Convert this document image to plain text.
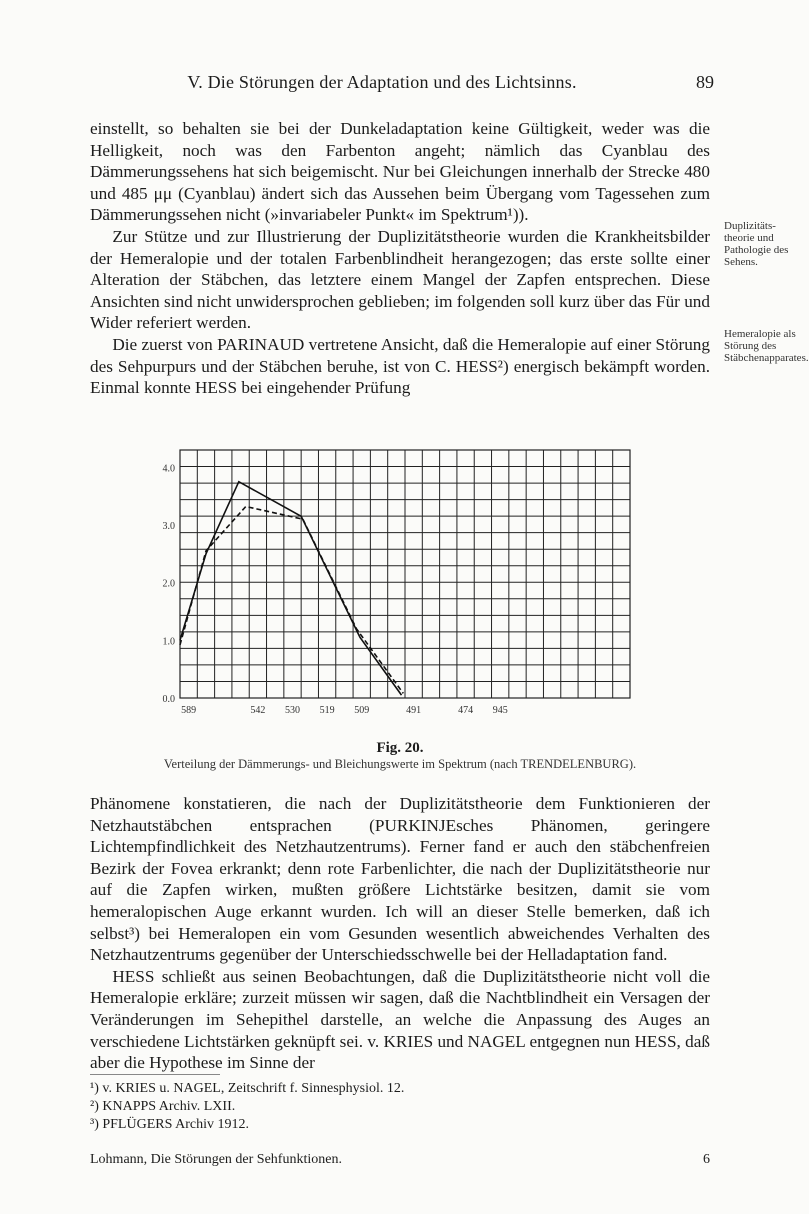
V. Die Störungen der Adaptation und des Lichtsinns.	89

einstellt, so behalten sie bei der Dunkeladaptation keine Gültigkeit, weder was die Helligkeit, noch was den Farbenton angeht; nämlich das Cyanblau des Dämmerungssehens hat sich beigemischt. Nur bei Gleichungen innerhalb der Strecke 480 und 485 μμ (Cyanblau) ändert sich das Aussehen beim Übergang vom Tagessehen zum Dämmerungssehen nicht (»invariabeler Punkt« im Spektrum¹)).

Zur Stütze und zur Illustrierung der Duplizitätstheorie wurden die Krankheitsbilder der Hemeralopie und der totalen Farbenblindheit herangezogen; das erste sollte einer Alteration der Stäbchen, das letztere einem Mangel der Zapfen entsprechen. Diese Ansichten sind nicht unwidersprochen geblieben; im folgenden soll kurz über das Für und Wider referiert werden.

Die zuerst von PARINAUD vertretene Ansicht, daß die Hemeralopie auf einer Störung des Sehpurpurs und der Stäbchen beruhe, ist von C. HESS²) energisch bekämpft worden. Einmal konnte HESS bei eingehender Prüfung

Duplizitäts-theorie und Pathologie des Sehens.
Hemeralopie als Störung des Stäbchenapparates.
0.0
1.0
2.0
3.0
4.0
589	542 530 519 509	491	474 945
Fig. 20.
Verteilung der Dämmerungs- und Bleichungswerte im Spektrum (nach TRENDELENBURG).

Phänomene konstatieren, die nach der Duplizitätstheorie dem Funktionieren der Netzhautstäbchen entsprachen (PURKINJEsches Phänomen, geringere Lichtempfindlichkeit des Netzhautzentrums). Ferner fand er auch den stäbchenfreien Bezirk der Fovea erkrankt; denn rote Farbenlichter, die nach der Duplizitätstheorie nur auf die Zapfen wirken, mußten größere Lichtstärke besitzen, damit sie vom hemeralopischen Auge erkannt wurden. Ich will an dieser Stelle bemerken, daß ich selbst³) bei Hemeralopen ein vom Gesunden wesentlich abweichendes Verhalten des Netzhautzentrums gegenüber der Unterschiedsschwelle bei der Helladaptation fand.

HESS schließt aus seinen Beobachtungen, daß die Duplizitätstheorie nicht voll die Hemeralopie erkläre; zurzeit müssen wir sagen, daß die Nachtblindheit ein Versagen der Veränderungen im Sehepithel darstelle, an welche die Anpassung des Auges an verschiedene Lichtstärken geknüpft sei. v. KRIES und NAGEL entgegnen nun HESS, daß aber die Hypothese im Sinne der

¹) v. KRIES u. NAGEL, Zeitschrift f. Sinnesphysiol. 12.
²) KNAPPS Archiv. LXII.
³) PFLÜGERS Archiv 1912.
Lohmann, Die Störungen der Sehfunktionen.	6
